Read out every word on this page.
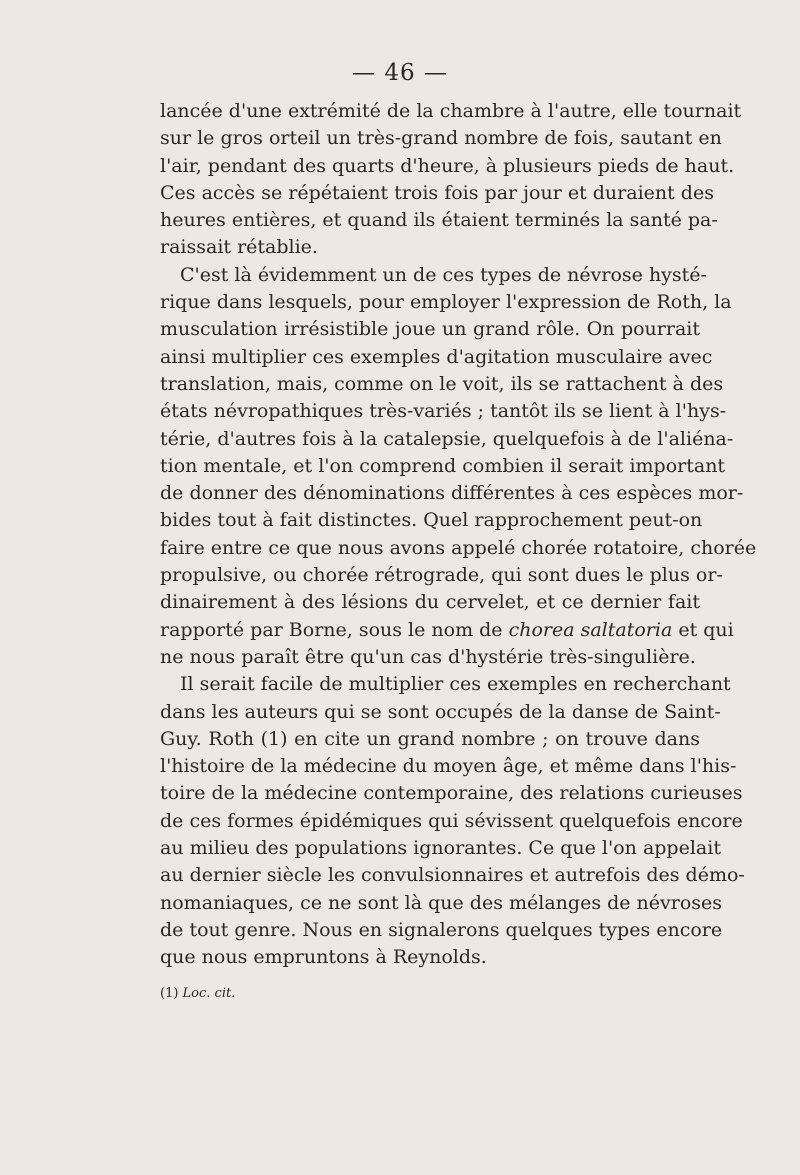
— 46 —
lancée d'une extrémité de la chambre à l'autre, elle tournait
sur le gros orteil un très-grand nombre de fois, sautant en
l'air, pendant des quarts d'heure, à plusieurs pieds de haut.
Ces accès se répétaient trois fois par jour et duraient des
heures entières, et quand ils étaient terminés la santé pa-
raissait rétablie.
C'est là évidemment un de ces types de névrose hysté-
rique dans lesquels, pour employer l'expression de Roth, la
musculation irrésistible joue un grand rôle. On pourrait
ainsi multiplier ces exemples d'agitation musculaire avec
translation, mais, comme on le voit, ils se rattachent à des
états névropathiques très-variés ; tantôt ils se lient à l'hys-
térie, d'autres fois à la catalepsie, quelquefois à de l'aliéna-
tion mentale, et l'on comprend combien il serait important
de donner des dénominations différentes à ces espèces mor-
bides tout à fait distinctes. Quel rapprochement peut-on
faire entre ce que nous avons appelé chorée rotatoire, chorée
propulsive, ou chorée rétrograde, qui sont dues le plus or-
dinairement à des lésions du cervelet, et ce dernier fait
rapporté par Borne, sous le nom de chorea saltatoria et qui
ne nous paraît être qu'un cas d'hystérie très-singulière.
Il serait facile de multiplier ces exemples en recherchant
dans les auteurs qui se sont occupés de la danse de Saint-
Guy. Roth (1) en cite un grand nombre ; on trouve dans
l'histoire de la médecine du moyen âge, et même dans l'his-
toire de la médecine contemporaine, des relations curieuses
de ces formes épidémiques qui sévissent quelquefois encore
au milieu des populations ignorantes. Ce que l'on appelait
au dernier siècle les convulsionnaires et autrefois des démo-
nomaniaques, ce ne sont là que des mélanges de névroses
de tout genre. Nous en signalerons quelques types encore
que nous empruntons à Reynolds.
(1) Loc. cit.
